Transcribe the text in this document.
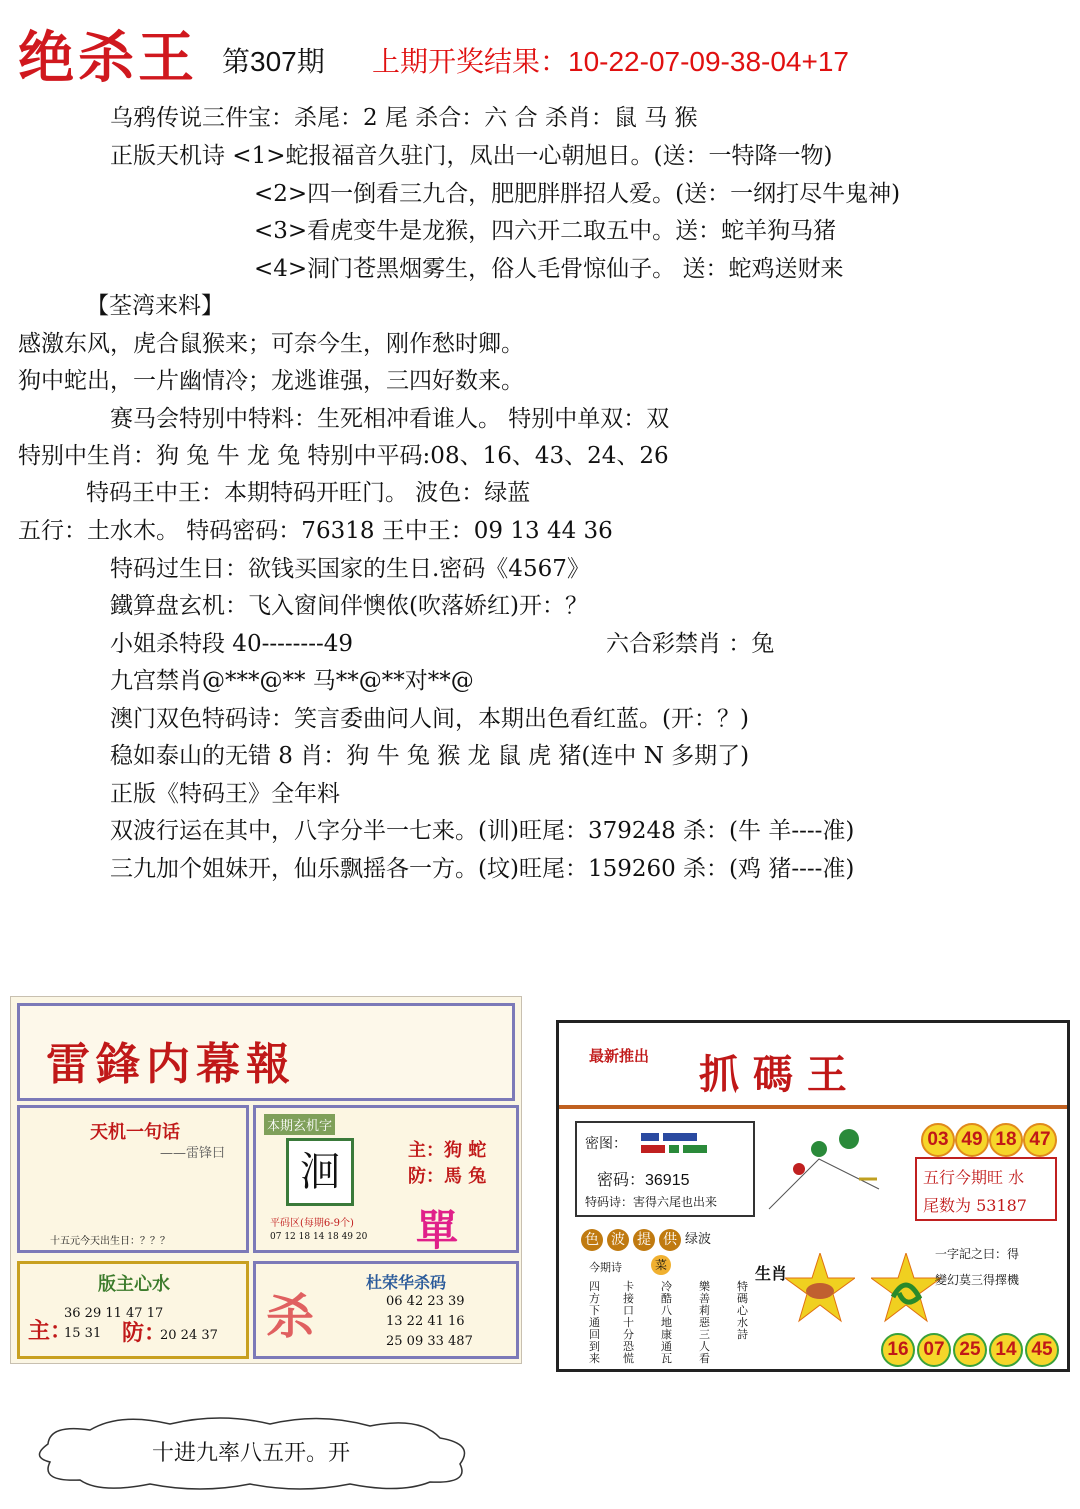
绝杀王 第307期 上期开奖结果：10-22-07-09-38-04+17
乌鸦传说三件宝：杀尾：2 尾 杀合：六 合 杀肖：鼠 马 猴
正版天机诗 <1>蛇报福音久驻门，凤出一心朝旭日。(送：一特降一物)
<2>四一倒看三九合，肥肥胖胖招人爱。(送：一纲打尽牛鬼神)
<3>看虎变牛是龙猴，四六开二取五中。送：蛇羊狗马猪
<4>洞门苍黑烟雾生，俗人毛骨惊仙子。 送：蛇鸡送财来
【荃湾来料】
感激东风，虎合鼠猴来；可奈今生，刚作愁时卿。
狗中蛇出，一片幽情冷；龙逃谁强，三四好数来。
赛马会特别中特料：生死相冲看谁人。 特别中单双：双
特别中生肖：狗 兔 牛 龙 兔 特别中平码:08、16、43、24、26
特码王中王：本期特码开旺门。 波色：绿蓝
五行：土水木。 特码密码：76318 王中王：09 13 44 36
特码过生日：欲钱买国家的生日.密码《4567》
鐵算盘玄机：飞入窗间伴懊侬(吹落娇红)开：？
小姐杀特段 40--------49	六合彩禁肖 ：兔
九宫禁肖@***@** 马**@**对**@
澳门双色特码诗：笑言委曲问人间，本期出色看红蓝。(开：？)
稳如泰山的无错 8 肖：狗 牛 兔 猴 龙 鼠 虎 猪(连中 N 多期了)
正版《特码王》全年料
双波行运在其中，八字分半一七来。(训)旺尾：379248 杀：(牛 羊----准)
三九加个姐妹开，仙乐飘摇各一方。(坟)旺尾：159260 杀：(鸡 猪----准)
雷鋒内幕報
天机一句话
——雷锋曰
十五元今天出生日：？？？
本期玄机字
洄	主：狗 蛇
防：馬 兔
平码区(每期6-9个)
07 12 18 14 18 49 20 單
版主心水
主：
36 29 11 47 17
15 31 防：
20 24 37 杀
杜荣华杀码
06 42 23 39
13 22 41 16
25 09 33 487
最新推出 抓 碼 王
密图：
密码：36915
特码诗：害得六尾也出来
03 49 18 47
五行今期旺 水
尾数为 53187
色 波 提 供 绿波
今期诗	菜
四方下通回到来
卡接口十分恐慌
冷酷八地康通瓦
樂善莉惡三人看
生肖
特碼心水詩
一字記之曰：得
變幻莫三得擇機
16 07 25 14 45
十进九率八五开。开
